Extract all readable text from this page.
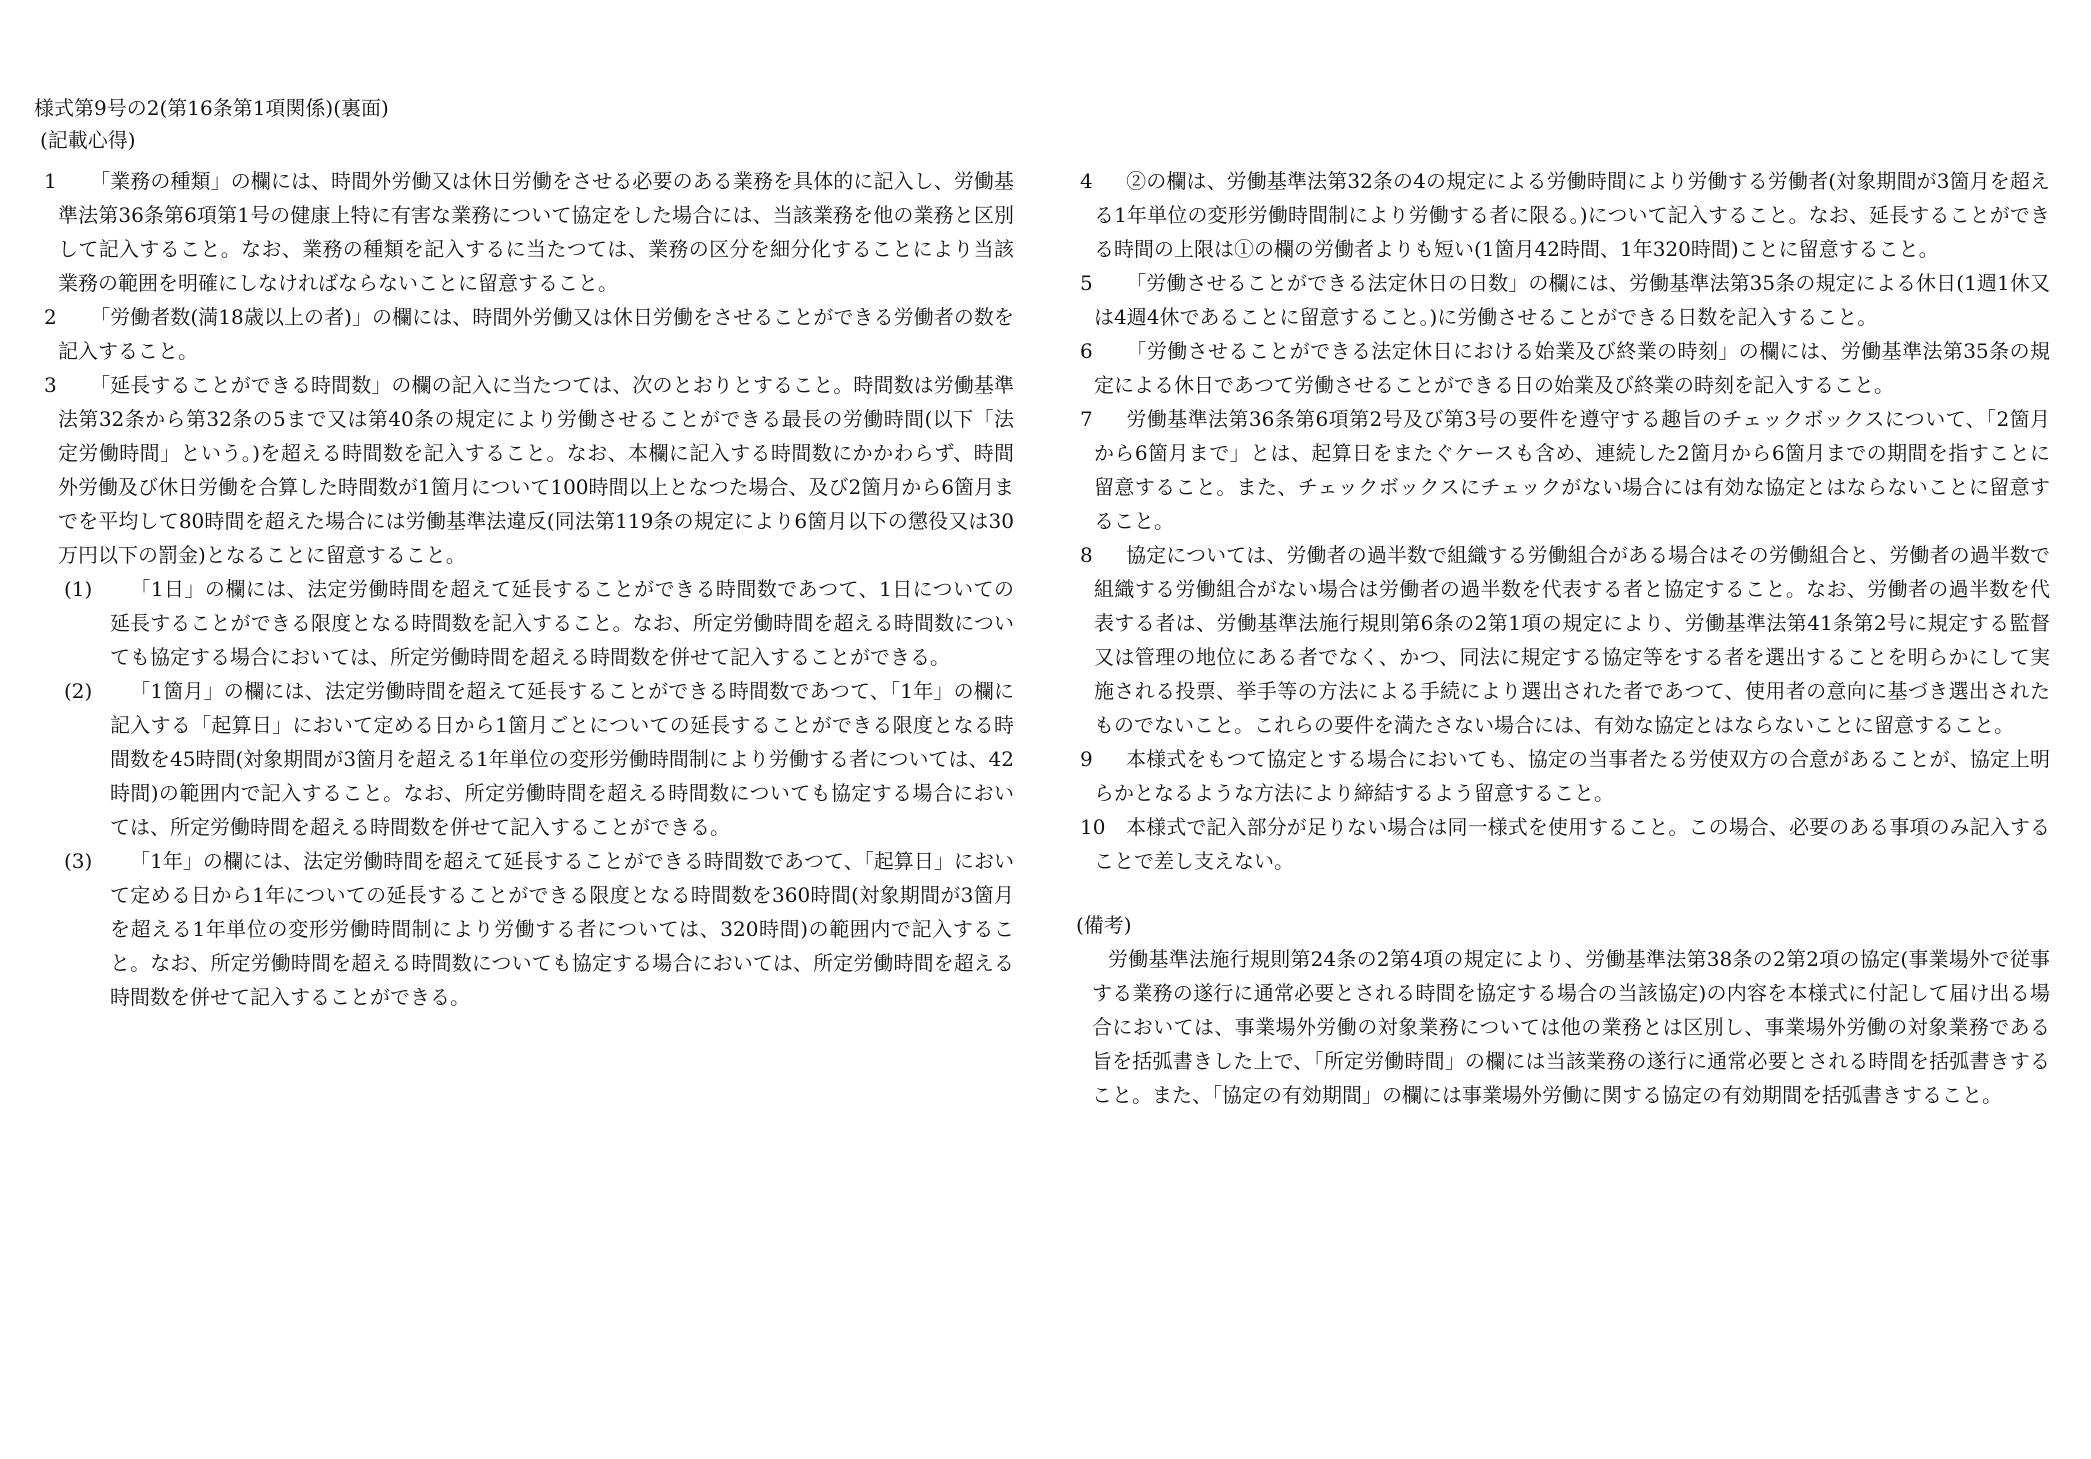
様式第9号の2(第16条第1項関係)(裏面)
(記載心得)
1 「業務の種類」の欄には、時間外労働又は休日労働をさせる必要のある業務を具体的に記入し、労働基準法第36条第6項第1号の健康上特に有害な業務について協定をした場合には、当該業務を他の業務と区別して記入すること。なお、業務の種類を記入するに当たつては、業務の区分を細分化することにより当該業務の範囲を明確にしなければならないことに留意すること。
2 「労働者数(満18歳以上の者)」の欄には、時間外労働又は休日労働をさせることができる労働者の数を記入すること。
3 「延長することができる時間数」の欄の記入に当たつては、次のとおりとすること。時間数は労働基準法第32条から第32条の5まで又は第40条の規定により労働させることができる最長の労働時間(以下「法定労働時間」という。)を超える時間数を記入すること。なお、本欄に記入する時間数にかかわらず、時間外労働及び休日労働を合算した時間数が1箇月について100時間以上となつた場合、及び2箇月から6箇月までを平均して80時間を超えた場合には労働基準法違反(同法第119条の規定により6箇月以下の懲役又は30万円以下の罰金)となることに留意すること。
(1) 「1日」の欄には、法定労働時間を超えて延長することができる時間数であつて、1日についての延長することができる限度となる時間数を記入すること。なお、所定労働時間を超える時間数についても協定する場合においては、所定労働時間を超える時間数を併せて記入することができる。
(2) 「1箇月」の欄には、法定労働時間を超えて延長することができる時間数であつて、「1年」の欄に記入する「起算日」において定める日から1箇月ごとについての延長することができる限度となる時間数を45時間(対象期間が3箇月を超える1年単位の変形労働時間制により労働する者については、42時間)の範囲内で記入すること。なお、所定労働時間を超える時間数についても協定する場合においては、所定労働時間を超える時間数を併せて記入することができる。
(3) 「1年」の欄には、法定労働時間を超えて延長することができる時間数であつて、「起算日」において定める日から1年についての延長することができる限度となる時間数を360時間(対象期間が3箇月を超える1年単位の変形労働時間制により労働する者については、320時間)の範囲内で記入すること。なお、所定労働時間を超える時間数についても協定する場合においては、所定労働時間を超える時間数を併せて記入することができる。
4 ②の欄は、労働基準法第32条の4の規定による労働時間により労働する労働者(対象期間が3箇月を超える1年単位の変形労働時間制により労働する者に限る。)について記入すること。なお、延長することができる時間の上限は①の欄の労働者よりも短い(1箇月42時間、1年320時間)ことに留意すること。
5 「労働させることができる法定休日の日数」の欄には、労働基準法第35条の規定による休日(1週1休又は4週4休であることに留意すること。)に労働させることができる日数を記入すること。
6 「労働させることができる法定休日における始業及び終業の時刻」の欄には、労働基準法第35条の規定による休日であつて労働させることができる日の始業及び終業の時刻を記入すること。
7 労働基準法第36条第6項第2号及び第3号の要件を遵守する趣旨のチェックボックスについて、「2箇月から6箇月まで」とは、起算日をまたぐケースも含め、連続した2箇月から6箇月までの期間を指すことに留意すること。また、チェックボックスにチェックがない場合には有効な協定とはならないことに留意すること。
8 協定については、労働者の過半数で組織する労働組合がある場合はその労働組合と、労働者の過半数で組織する労働組合がない場合は労働者の過半数を代表する者と協定すること。なお、労働者の過半数を代表する者は、労働基準法施行規則第6条の2第1項の規定により、労働基準法第41条第2号に規定する監督又は管理の地位にある者でなく、かつ、同法に規定する協定等をする者を選出することを明らかにして実施される投票、挙手等の方法による手続により選出された者であつて、使用者の意向に基づき選出されたものでないこと。これらの要件を満たさない場合には、有効な協定とはならないことに留意すること。
9 本様式をもつて協定とする場合においても、協定の当事者たる労使双方の合意があることが、協定上明らかとなるような方法により締結するよう留意すること。
10 本様式で記入部分が足りない場合は同一様式を使用すること。この場合、必要のある事項のみ記入することで差し支えない。
(備考)
労働基準法施行規則第24条の2第4項の規定により、労働基準法第38条の2第2項の協定(事業場外で従事する業務の遂行に通常必要とされる時間を協定する場合の当該協定)の内容を本様式に付記して届け出る場合においては、事業場外労働の対象業務については他の業務とは区別し、事業場外労働の対象業務である旨を括弧書きした上で、「所定労働時間」の欄には当該業務の遂行に通常必要とされる時間を括弧書きすること。また、「協定の有効期間」の欄には事業場外労働に関する協定の有効期間を括弧書きすること。
